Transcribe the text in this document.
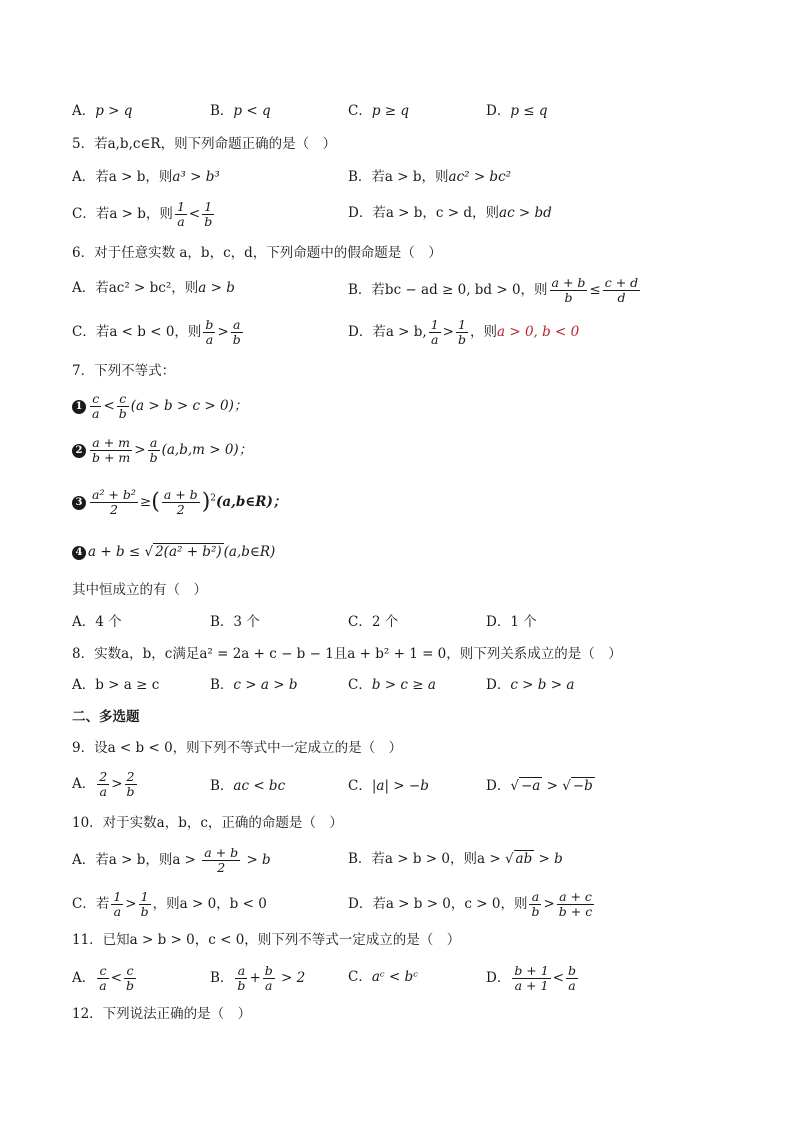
A．p > q	B．p < q	C．p ≥ q	D．p ≤ q
5．若a,b,c∈R，则下列命题正确的是（　）
A．若a > b，则a³ > b³	B．若a > b，则ac² > bc²
C．若a > b，则 $\frac{1}{a} < \frac{1}{b}$	D．若a > b，c > d，则ac > bd
6．对于任意实数 a，b，c，d，下列命题中的假命题是（　）
A．若ac² > bc²，则a > b	B．若bc − ad ≥ 0, bd > 0，则 $\frac{a + b}{b} \le \frac{c + d}{d}$
C．若a < b < 0，则 $\frac{b}{a} > \frac{a}{b}$	D．若a > b, $\frac{1}{a} > \frac{1}{b}$ ，则a > 0, b < 0
7．下列不等式：
$1 \frac{c}{a} < \frac{c}{b} (a > b > c > 0)$；
$2 \frac{a + m}{b + m} > \frac{a}{b} (a,b,m > 0)$；
$3 \frac{\text{a² + b²}}{2}$ ≥( $\frac{a + b}{2}$ )$^2$(a,b∈R)；
4 a + b ≤ √ 2(a² + b²) (a,b∈R)
其中恒成立的有（　）
A．4 个	B．3 个	C．2 个	D．1 个
8．实数a，b，c满足a² = 2a + c − b − 1且a + b² + 1 = 0，则下列关系成立的是（　）
A．b > a ≥ c	B．c > a > b	C．b > c ≥ a	D．c > b > a
二、多选题
9．设a < b < 0，则下列不等式中一定成立的是（　）
A． $\frac{2}{a} > \frac{2}{b}$	B．ac < bc	C．|a| > −b	D．√ −a > √ −b
10．对于实数a，b，c，正确的命题是（　）
A．若a > b，则$a > \frac{a + b}{2} > b$	B．若a > b > 0，则a > √ ab > b
C．若 $\frac{1}{a} > \frac{1}{b}$ ，则a > 0，b < 0	D．若a > b > 0，c > 0，则 $\frac{a}{b} > \frac{a + c}{b + c}$
11．已知a > b > 0，c < 0，则下列不等式一定成立的是（　）
A． $\frac{c}{a} < \frac{c}{b}$	B． $\frac{a}{b} + \frac{b}{a} > 2$	C．aᶜ < bᶜ	D． $\frac{b + 1}{a + 1} < \frac{b}{a}$
12．下列说法正确的是（　）
